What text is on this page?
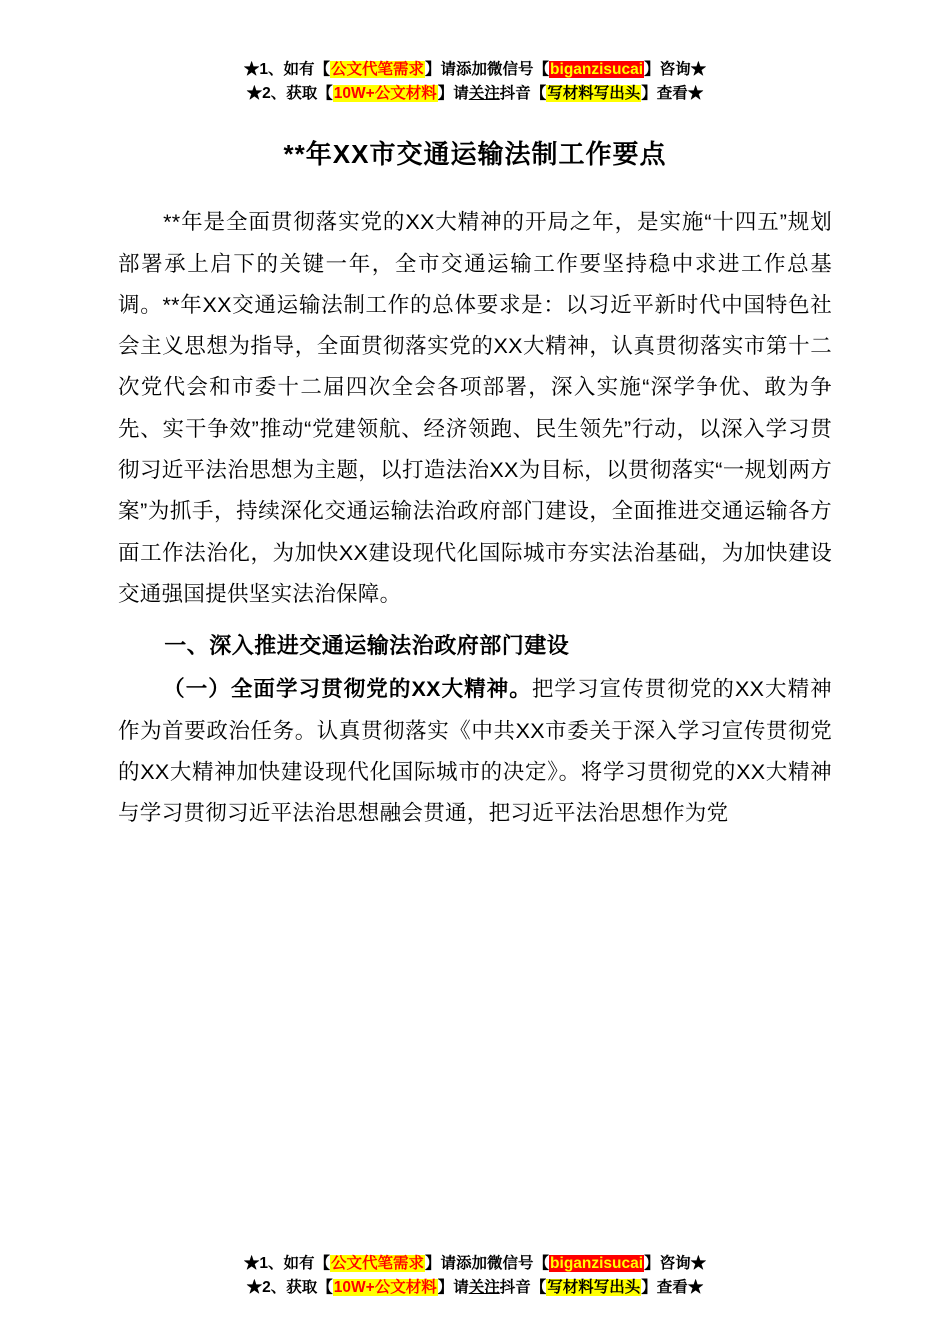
★1、如有【公文代笔需求】请添加微信号【biganzisucai】咨询★
★2、获取【10W+公文材料】请关注抖音【写材料写出头】查看★
**年XX市交通运输法制工作要点

**年是全面贯彻落实党的XX大精神的开局之年，是实施“十四五”规划部署承上启下的关键一年，全市交通运输工作要坚持稳中求进工作总基调。**年XX交通运输法制工作的总体要求是：以习近平新时代中国特色社会主义思想为指导，全面贯彻落实党的XX大精神，认真贯彻落实市第十二次党代会和市委十二届四次全会各项部署，深入实施“深学争优、敢为争先、实干争效”推动“党建领航、经济领跑、民生领先”行动，以深入学习贯彻习近平法治思想为主题，以打造法治XX为目标，以贯彻落实“一规划两方案”为抓手，持续深化交通运输法治政府部门建设，全面推进交通运输各方面工作法治化，为加快XX建设现代化国际城市夯实法治基础，为加快建设交通强国提供坚实法治保障。

一、深入推进交通运输法治政府部门建设

（一）全面学习贯彻党的XX大精神。把学习宣传贯彻党的XX大精神作为首要政治任务。认真贯彻落实《中共XX市委关于深入学习宣传贯彻党的XX大精神加快建设现代化国际城市的决定》。将学习贯彻党的XX大精神与学习贯彻习近平法治思想融会贯通，把习近平法治思想作为党

★1、如有【公文代笔需求】请添加微信号【biganzisucai】咨询★
★2、获取【10W+公文材料】请关注抖音【写材料写出头】查看★
